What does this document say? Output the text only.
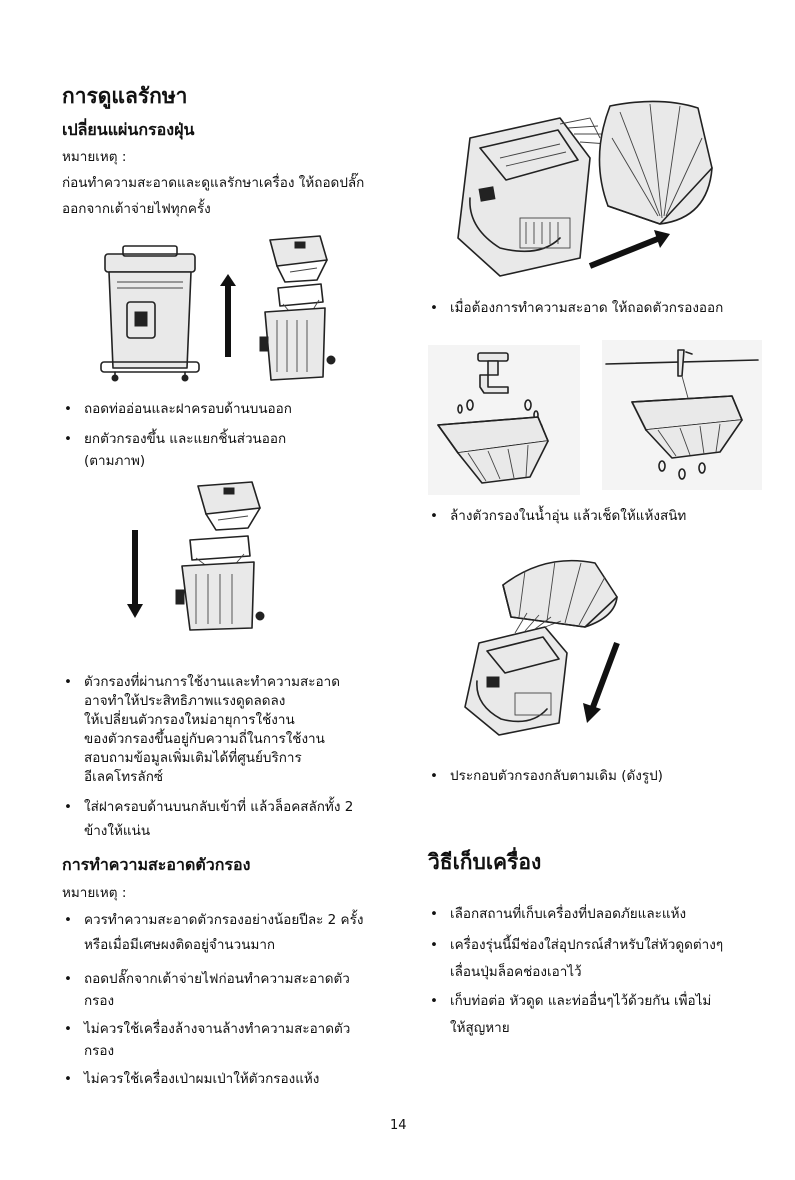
การดูแลรักษา
เปลี่ยนแผ่นกรองฝุ่น
หมายเหตุ :
ก่อนทำความสะอาดและดูแลรักษาเครื่อง ให้ถอดปลั๊ก
ออกจากเต้าจ่ายไฟทุกครั้ง
• ถอดท่ออ่อนและฝาครอบด้านบนออก
• ยกตัวกรองขึ้น และแยกชิ้นส่วนออก
(ตามภาพ)
• ตัวกรองที่ผ่านการใช้งานและทำความสะอาด
อาจทำให้ประสิทธิภาพแรงดูดลดลง
ให้เปลี่ยนตัวกรองใหม่อายุการใช้งาน
ของตัวกรองขึ้นอยู่กับความถี่ในการใช้งาน
สอบถามข้อมูลเพิ่มเติมได้ที่ศูนย์บริการ
อีเลคโทรลักซ์
• ใส่ฝาครอบด้านบนกลับเข้าที่ แล้วล็อคสลักทั้ง 2
ข้างให้แน่น
การทำความสะอาดตัวกรอง
หมายเหตุ :
• ควรทำความสะอาดตัวกรองอย่างน้อยปีละ 2 ครั้ง
หรือเมื่อมีเศษผงติดอยู่จำนวนมาก
• ถอดปลั๊กจากเต้าจ่ายไฟก่อนทำความสะอาดตัว
กรอง
• ไม่ควรใช้เครื่องล้างจานล้างทำความสะอาดตัว
กรอง
• ไม่ควรใช้เครื่องเป่าผมเป่าให้ตัวกรองแห้ง
• เมื่อต้องการทำความสะอาด ให้ถอดตัวกรองออก
• ล้างตัวกรองในน้ำอุ่น แล้วเช็ดให้แห้งสนิท
• ประกอบตัวกรองกลับตามเดิม (ดังรูป)
วิธีเก็บเครื่อง
• เลือกสถานที่เก็บเครื่องที่ปลอดภัยและแห้ง
• เครื่องรุ่นนี้มีช่องใส่อุปกรณ์สำหรับใส่หัวดูดต่างๆ
เลื่อนปุ่มล็อคช่องเอาไว้
• เก็บท่อต่อ หัวดูด และท่ออื่นๆไว้ด้วยกัน เพื่อไม่
ให้สูญหาย
14
